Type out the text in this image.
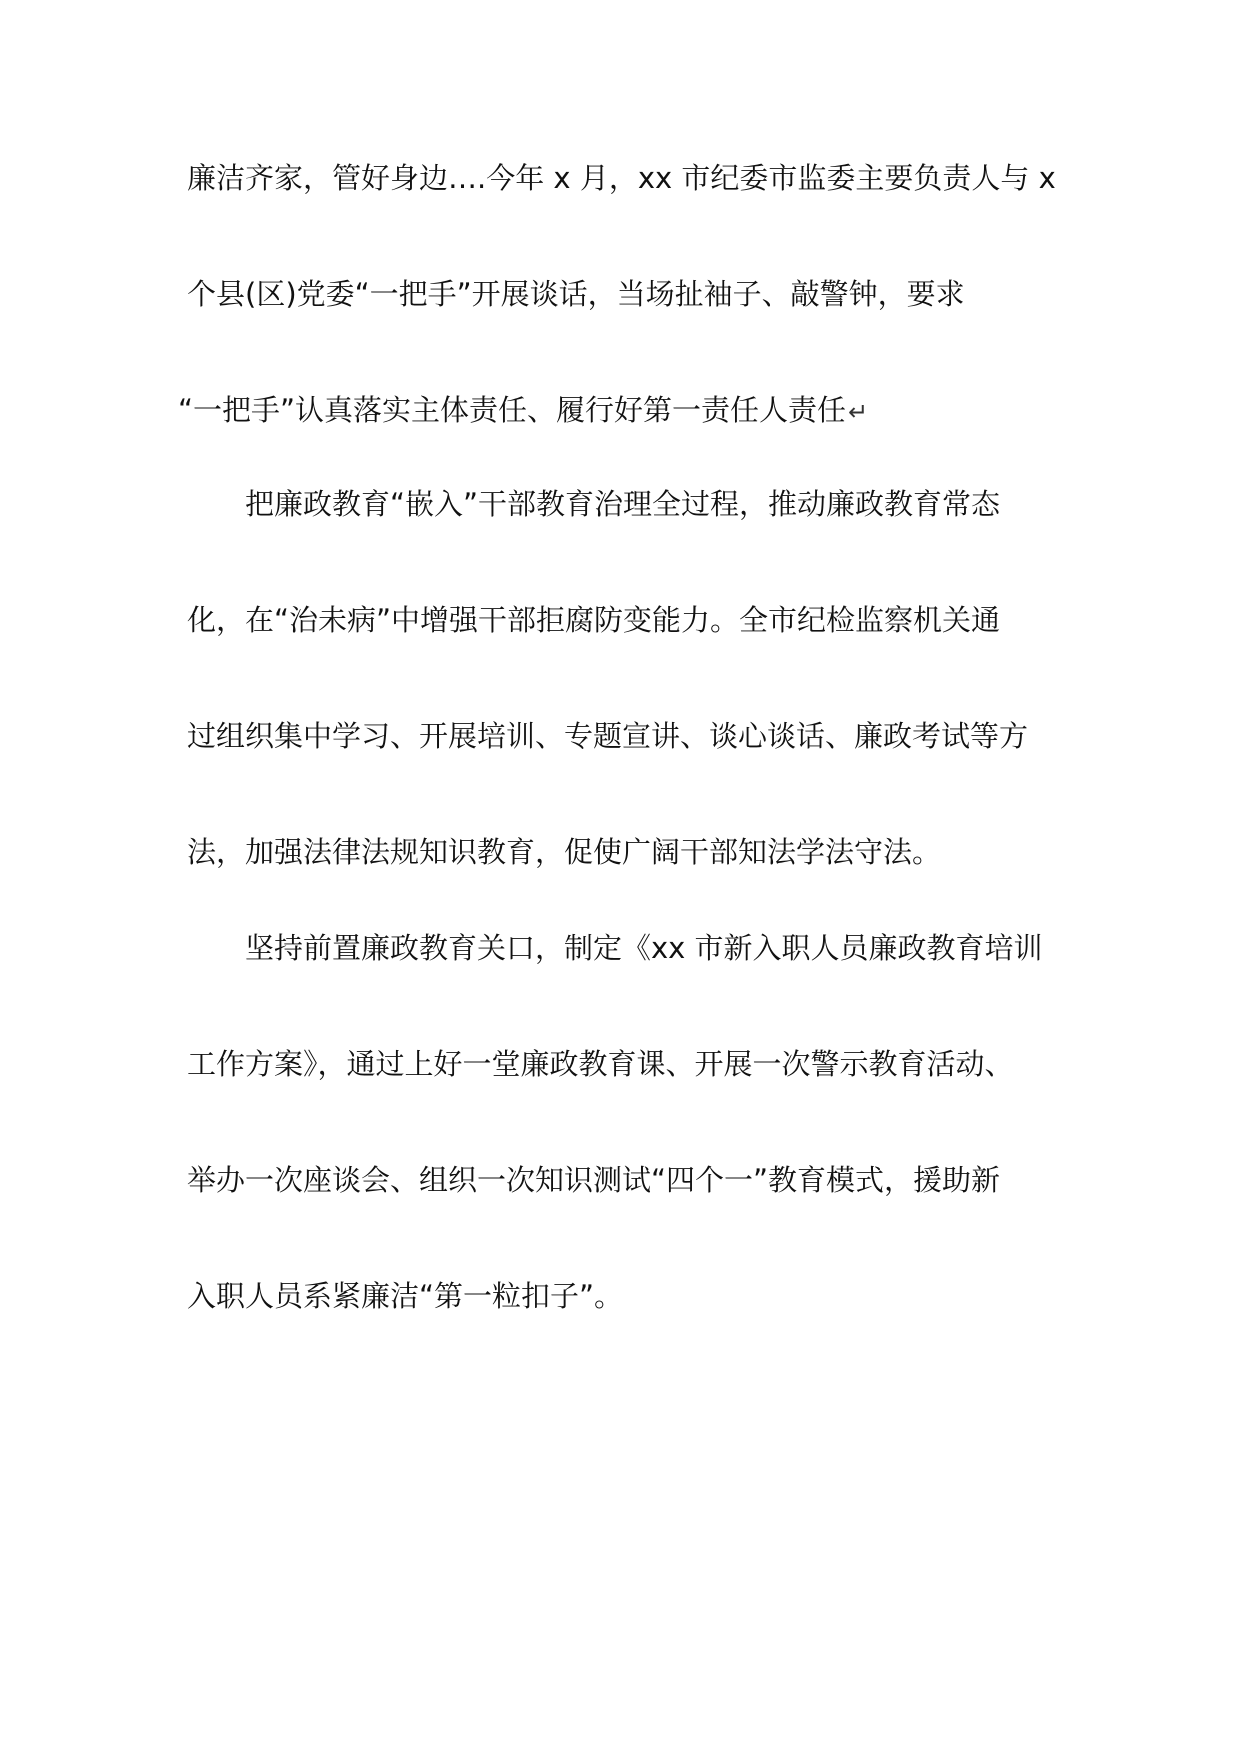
廉洁齐家，管好身边….今年 x 月，xx 市纪委市监委主要负责人与 x
个县(区)党委“一把手”开展谈话，当场扯袖子、敲警钟，要求
“一把手”认真落实主体责任、履行好第一责任人责任↵
把廉政教育“嵌入”干部教育治理全过程，推动廉政教育常态
化，在“治未病”中增强干部拒腐防变能力。全市纪检监察机关通
过组织集中学习、开展培训、专题宣讲、谈心谈话、廉政考试等方
法，加强法律法规知识教育，促使广阔干部知法学法守法。
坚持前置廉政教育关口，制定《xx 市新入职人员廉政教育培训
工作方案》，通过上好一堂廉政教育课、开展一次警示教育活动、
举办一次座谈会、组织一次知识测试“四个一”教育模式，援助新
入职人员系紧廉洁“第一粒扣子”。
